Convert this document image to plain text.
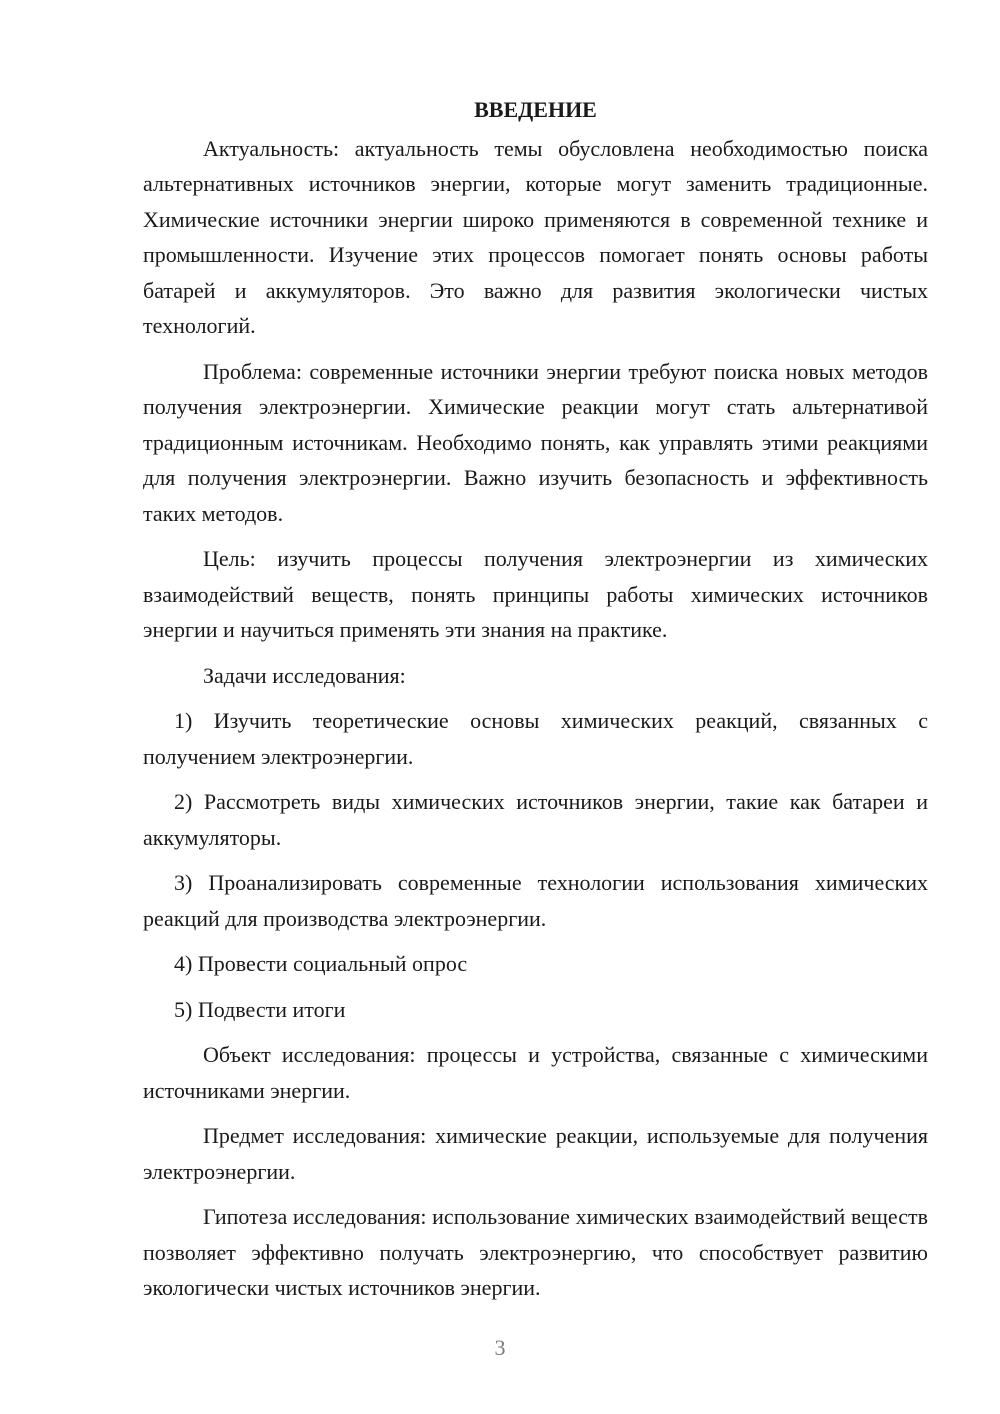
ВВЕДЕНИЕ

Актуальность: актуальность темы обусловлена необходимостью поиска альтернативных источников энергии, которые могут заменить традиционные. Химические источники энергии широко применяются в современной технике и промышленности. Изучение этих процессов помогает понять основы работы батарей и аккумуляторов. Это важно для развития экологически чистых технологий.

Проблема: современные источники энергии требуют поиска новых методов получения электроэнергии. Химические реакции могут стать альтернативой традиционным источникам. Необходимо понять, как управлять этими реакциями для получения электроэнергии. Важно изучить безопасность и эффективность таких методов.

Цель: изучить процессы получения электроэнергии из химических взаимодействий веществ, понять принципы работы химических источников энергии и научиться применять эти знания на практике.

Задачи исследования:

1) Изучить теоретические основы химических реакций, связанных с получением электроэнергии.

2) Рассмотреть виды химических источников энергии, такие как батареи и аккумуляторы.

3) Проанализировать современные технологии использования химических реакций для производства электроэнергии.

4) Провести социальный опрос

5) Подвести итоги

Объект исследования: процессы и устройства, связанные с химическими источниками энергии.

Предмет исследования: химические реакции, используемые для получения электроэнергии.

Гипотеза исследования: использование химических взаимодействий веществ позволяет эффективно получать электроэнергию, что способствует развитию экологически чистых источников энергии.

3
